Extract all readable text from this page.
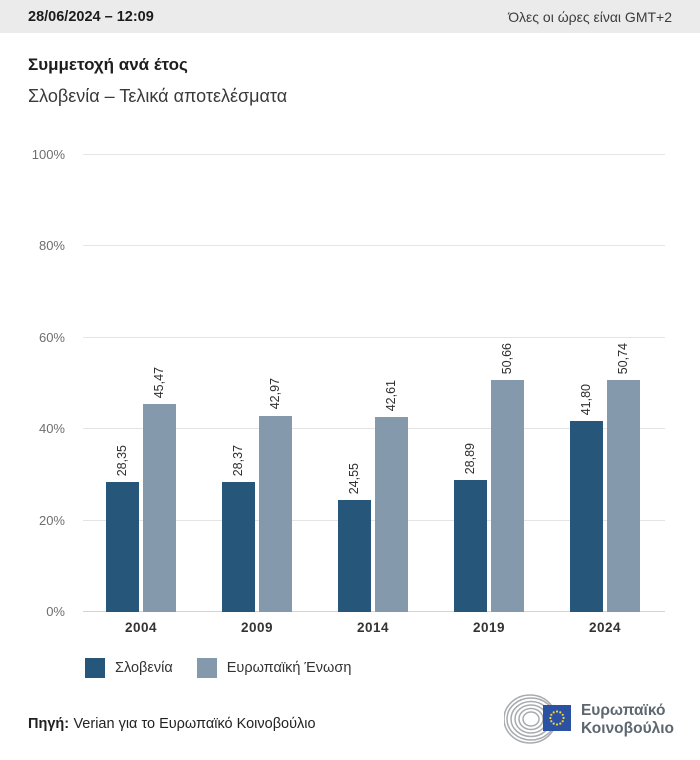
28/06/2024 – 12:09	Όλες οι ώρες είναι GMT+2
Συμμετοχή ανά έτος
Σλοβενία – Τελικά αποτελέσματα
0%
20%
40%
60%
80%
100%
28,35
45,47
2004
28,37
42,97
2009
24,55
42,61
2014
28,89
50,66
2019
41,80
50,74
2024
Σλοβενία	Ευρωπαϊκή Ένωση
Πηγή: Verian για το Ευρωπαϊκό Κοινοβούλιο
Ευρωπαϊκό
Κοινοβούλιο
